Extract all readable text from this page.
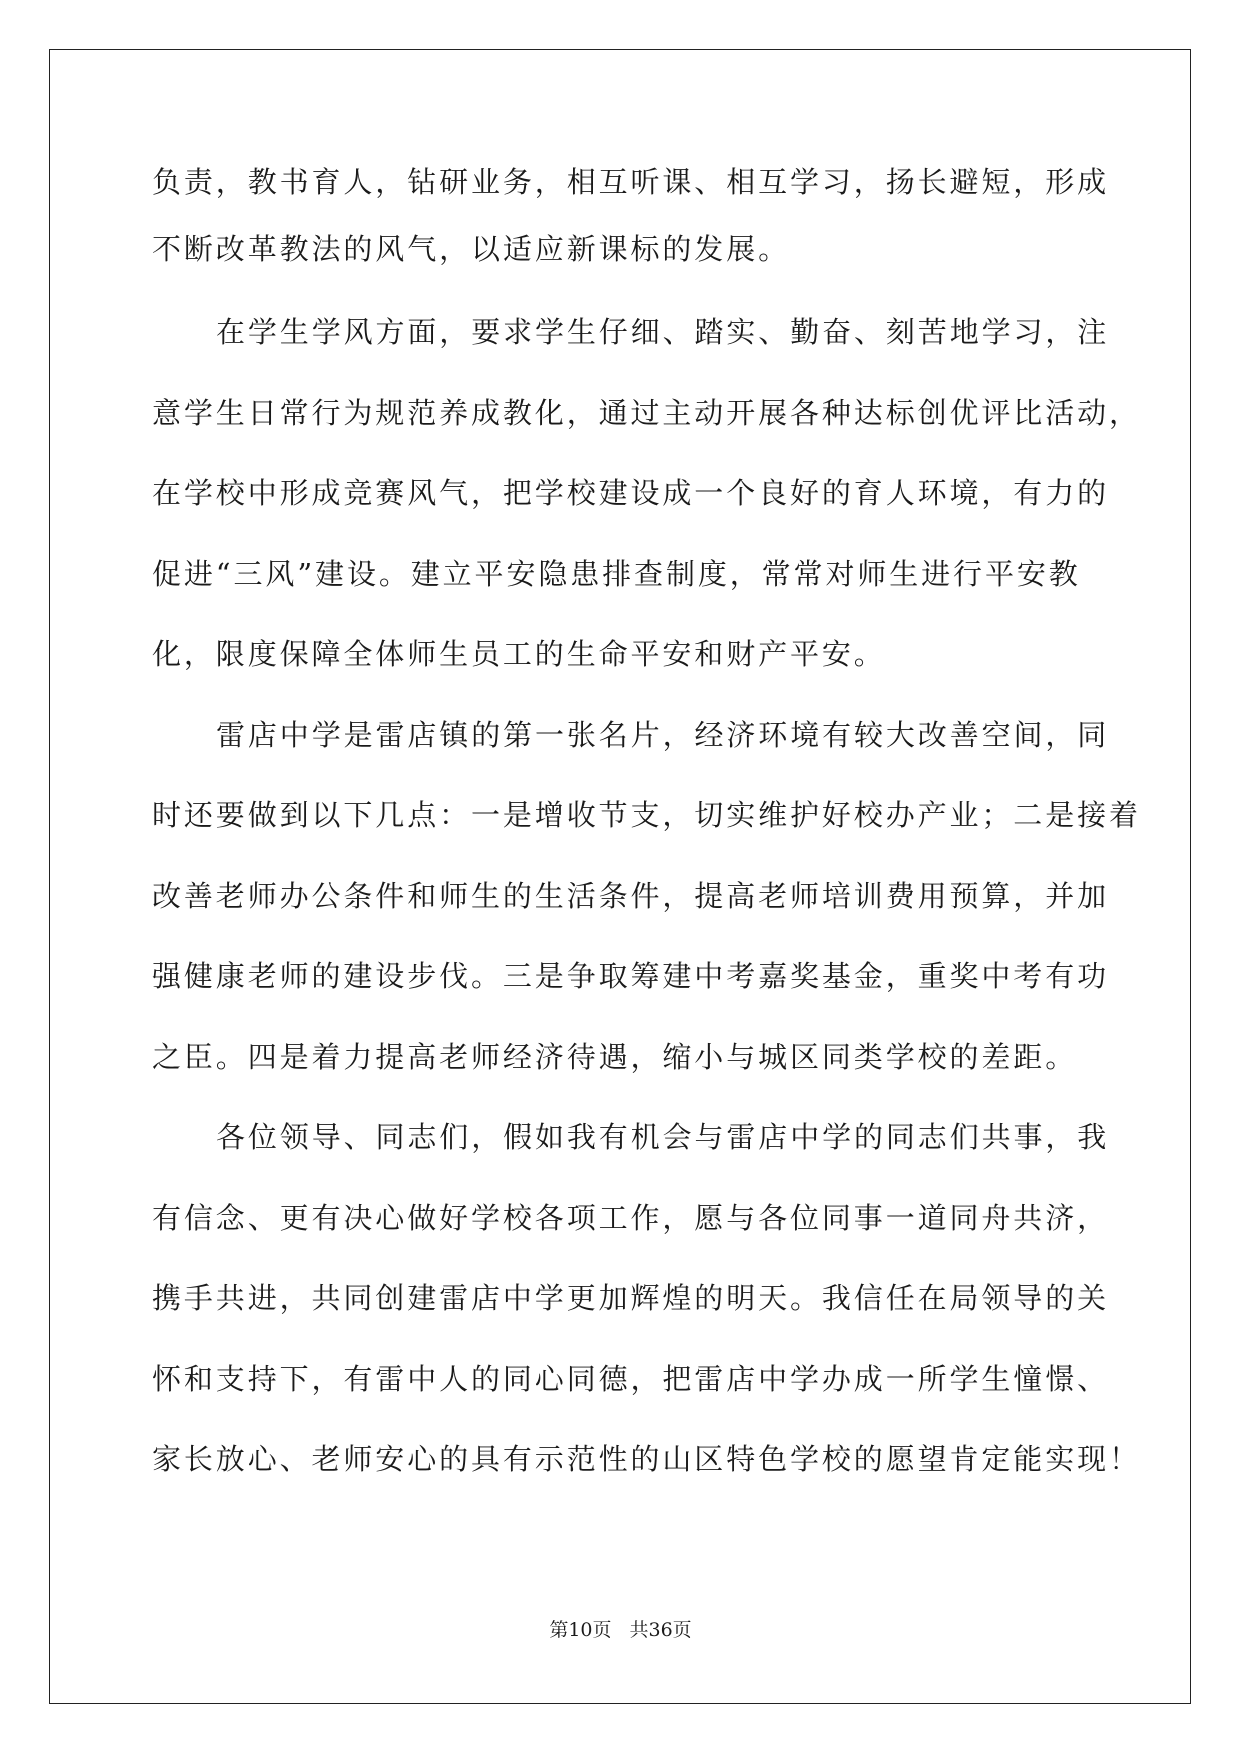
负责，教书育人，钻研业务，相互听课、相互学习，扬长避短，形成
不断改革教法的风气，以适应新课标的发展。
在学生学风方面，要求学生仔细、踏实、勤奋、刻苦地学习，注
意学生日常行为规范养成教化，通过主动开展各种达标创优评比活动，
在学校中形成竞赛风气，把学校建设成一个良好的育人环境，有力的
促进“三风”建设。建立平安隐患排查制度，常常对师生进行平安教
化，限度保障全体师生员工的生命平安和财产平安。
雷店中学是雷店镇的第一张名片，经济环境有较大改善空间，同
时还要做到以下几点：一是增收节支，切实维护好校办产业；二是接着
改善老师办公条件和师生的生活条件，提高老师培训费用预算，并加
强健康老师的建设步伐。三是争取筹建中考嘉奖基金，重奖中考有功
之臣。四是着力提高老师经济待遇，缩小与城区同类学校的差距。
各位领导、同志们，假如我有机会与雷店中学的同志们共事，我
有信念、更有决心做好学校各项工作，愿与各位同事一道同舟共济，
携手共进，共同创建雷店中学更加辉煌的明天。我信任在局领导的关
怀和支持下，有雷中人的同心同德，把雷店中学办成一所学生憧憬、
家长放心、老师安心的具有示范性的山区特色学校的愿望肯定能实现！
第10页 共36页
